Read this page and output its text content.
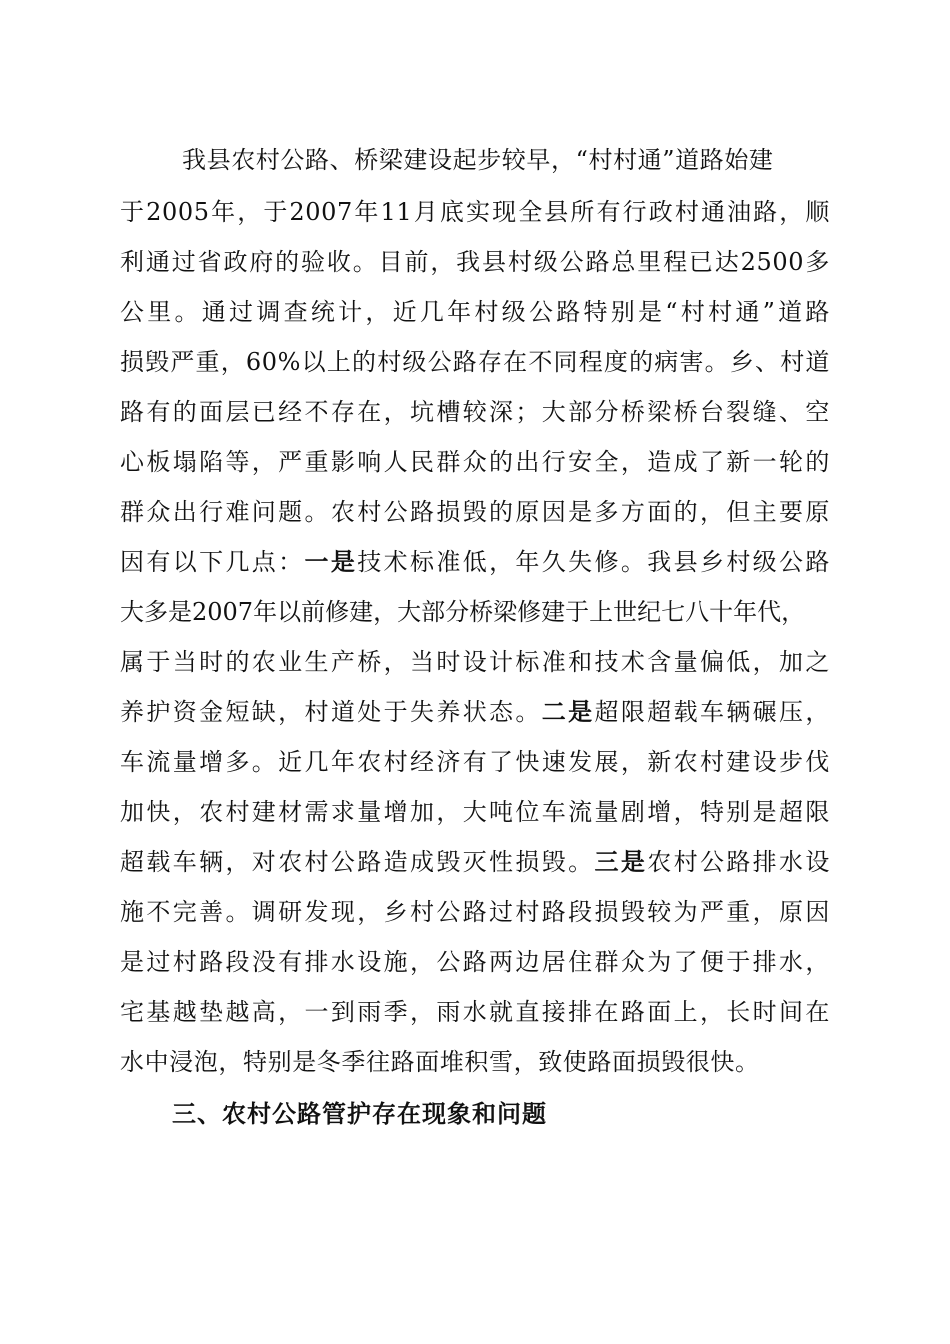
我县农村公路、桥梁建设起步较早，“村村通”道路始建
于2005年，于2007年11月底实现全县所有行政村通油路，顺
利通过省政府的验收。目前，我县村级公路总里程已达2500多
公里。通过调查统计，近几年村级公路特别是“村村通”道路
损毁严重，60%以上的村级公路存在不同程度的病害。乡、村道
路有的面层已经不存在，坑槽较深；大部分桥梁桥台裂缝、空
心板塌陷等，严重影响人民群众的出行安全，造成了新一轮的
群众出行难问题。农村公路损毁的原因是多方面的，但主要原
因有以下几点：一是技术标准低，年久失修。我县乡村级公路
大多是2007年以前修建，大部分桥梁修建于上世纪七八十年代，
属于当时的农业生产桥，当时设计标准和技术含量偏低，加之
养护资金短缺，村道处于失养状态。二是超限超载车辆碾压，
车流量增多。近几年农村经济有了快速发展，新农村建设步伐
加快，农村建材需求量增加，大吨位车流量剧增，特别是超限
超载车辆，对农村公路造成毁灭性损毁。三是农村公路排水设
施不完善。调研发现，乡村公路过村路段损毁较为严重，原因
是过村路段没有排水设施，公路两边居住群众为了便于排水，
宅基越垫越高，一到雨季，雨水就直接排在路面上，长时间在
水中浸泡，特别是冬季往路面堆积雪，致使路面损毁很快。
三、农村公路管护存在现象和问题
